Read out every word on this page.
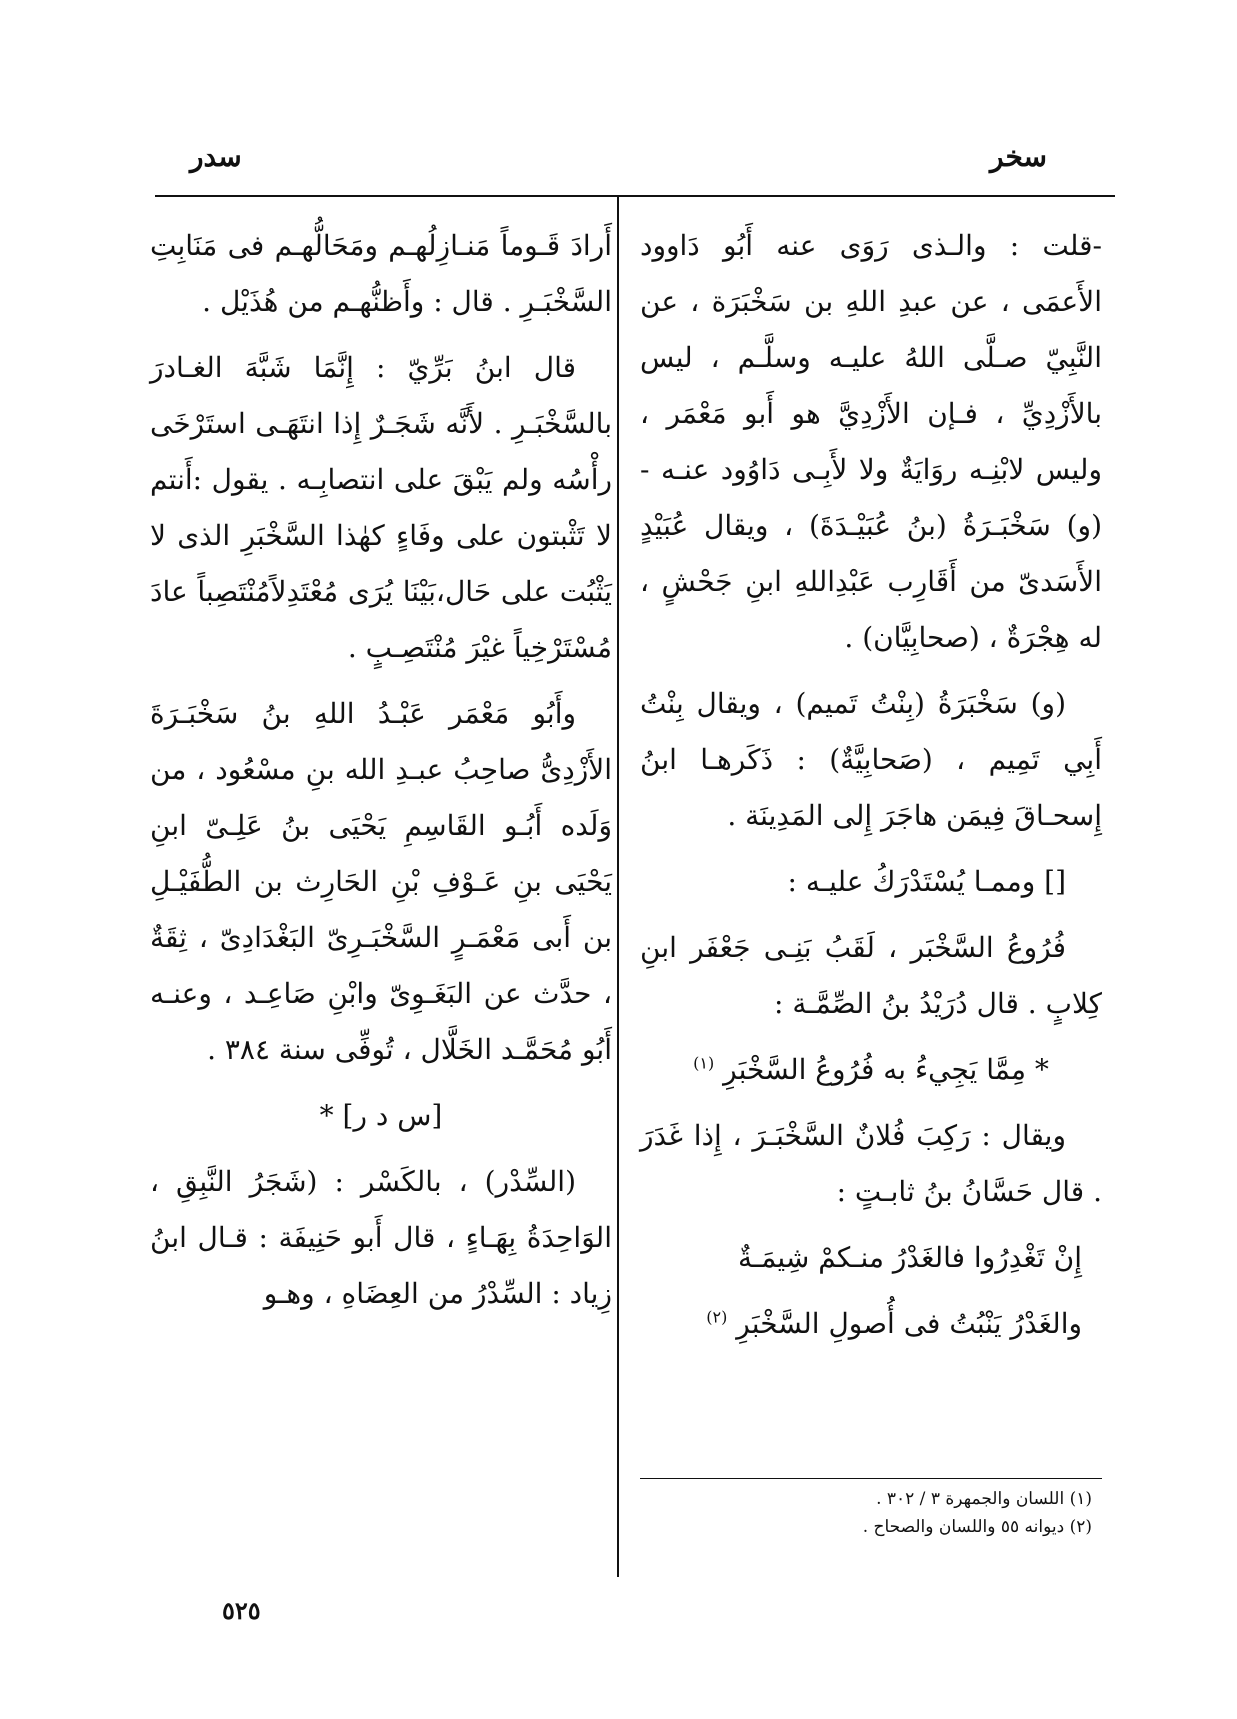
سخر
سدر

-قلت : والـذى رَوَى عنه أَبُو دَاوود الأَعمَى ، عن عبدِ اللهِ بن سَخْبَرَة ، عن النَّبِيّ صـلَّى اللهُ عليـه وسلَّـم ، ليس بالأَزْدِيِّ ، فـإن الأَزْدِيَّ هو أَبو مَعْمَر ، وليس لابْنِـه روَايَةٌ ولا لأَبِـى دَاوُود عنـه - (و) سَخْبَـرَةُ (بنُ عُبَيْـدَةَ) ، ويقال عُبَيْدٍ الأَسَدىّ من أَقَارِب عَبْدِاللهِ ابنِ جَحْشٍ ، له هِجْرَةٌ ، (صحابِيَّان) .

(و) سَخْبَرَةُ (بِنْتُ تَميم) ، ويقال بِنْتُ أَبِي تَمِيم ، (صَحابِيَّةٌ) : ذَكَرهـا ابنُ إِسحـاقَ فِيمَن هاجَرَ إِلى المَدِينَة .

[] وممـا يُسْتَدْرَكُ عليـه :

فُرُوعُ السَّخْبَر ، لَقَبُ بَنِـى جَعْفَر ابنِ كِلابٍ . قال دُرَيْدُ بنُ الصِّمَّـة :

* مِمَّا يَجِيءُ به فُرُوعُ السَّخْبَرِ $^{(١)}$

ويقال : رَكِبَ فُلانٌ السَّخْبَـرَ ، إِذا غَدَرَ . قال حَسَّانُ بنُ ثابـتٍ :

إِنْ تَغْدِرُوا فالغَدْرُ منـكمْ شِيمَـةٌ

والغَدْرُ يَنْبُتُ فى أُصولِ السَّخْبَرِ $^{(٢)}$

أَرادَ قَـوماً مَنـازِلُهـم ومَحَالُّهـم فى مَنَابِتِ السَّخْبَـرِ . قال : وأَظنُّهـم من هُذَيْل .

قال ابنُ بَرِّيّ : إِنَّمَا شَبَّهَ الغـادرَ بالسَّخْبَـرِ . لأَنَّه شَجَـرٌ إِذا انتَهَـى استَرْخَى رأْسُه ولم يَبْقَ على انتصابِـه . يقول :أَنتم لا تَثْبتون على وفَاءٍ كهٰذا السَّخْبَرِ الذى لا يَثْبُت على حَال،بَيْنَا يُرَى مُعْتَدِلاًمُنْتَصِباً عادَ مُسْتَرْخِياً غيْرَ مُنْتَصِـبٍ .

وأَبُو مَعْمَر عَبْـدُ اللهِ بنُ سَخْبَـرَةَ الأَزْدِىُّ صاحِبُ عبـدِ الله بنِ مسْعُود ، من وَلَده أَبُـو القَاسِمِ يَحْيَى بنُ عَلِـىّ ابنِ يَحْيَى بنِ عَـوْفِ بْنِ الحَارِث بن الطُّفَيْـلِ بن أَبى مَعْمَـرٍ السَّخْبَـرِىّ البَغْدَادِىّ ، ثِقَةٌ ، حدَّث عن البَغَـوِىّ وابْنِ صَاعِـد ، وعنـه أَبُو مُحَمَّـد الخَلَّال ، تُوفِّى سنة ٣٨٤ .

[س د ر] *

(السِّدْر) ، بالكَسْر : (شَجَرُ النَّبِقِ ، الوَاحِدَةُ بِهَـاءٍ ، قال أَبو حَنِيفَة : قـال ابنُ زِياد : السِّدْرُ من العِضَاهِ ، وهـو

(١) اللسان والجمهرة ٣ / ٣٠٢ .
(٢) ديوانه ٥٥ واللسان والصحاح .
٥٢٥
